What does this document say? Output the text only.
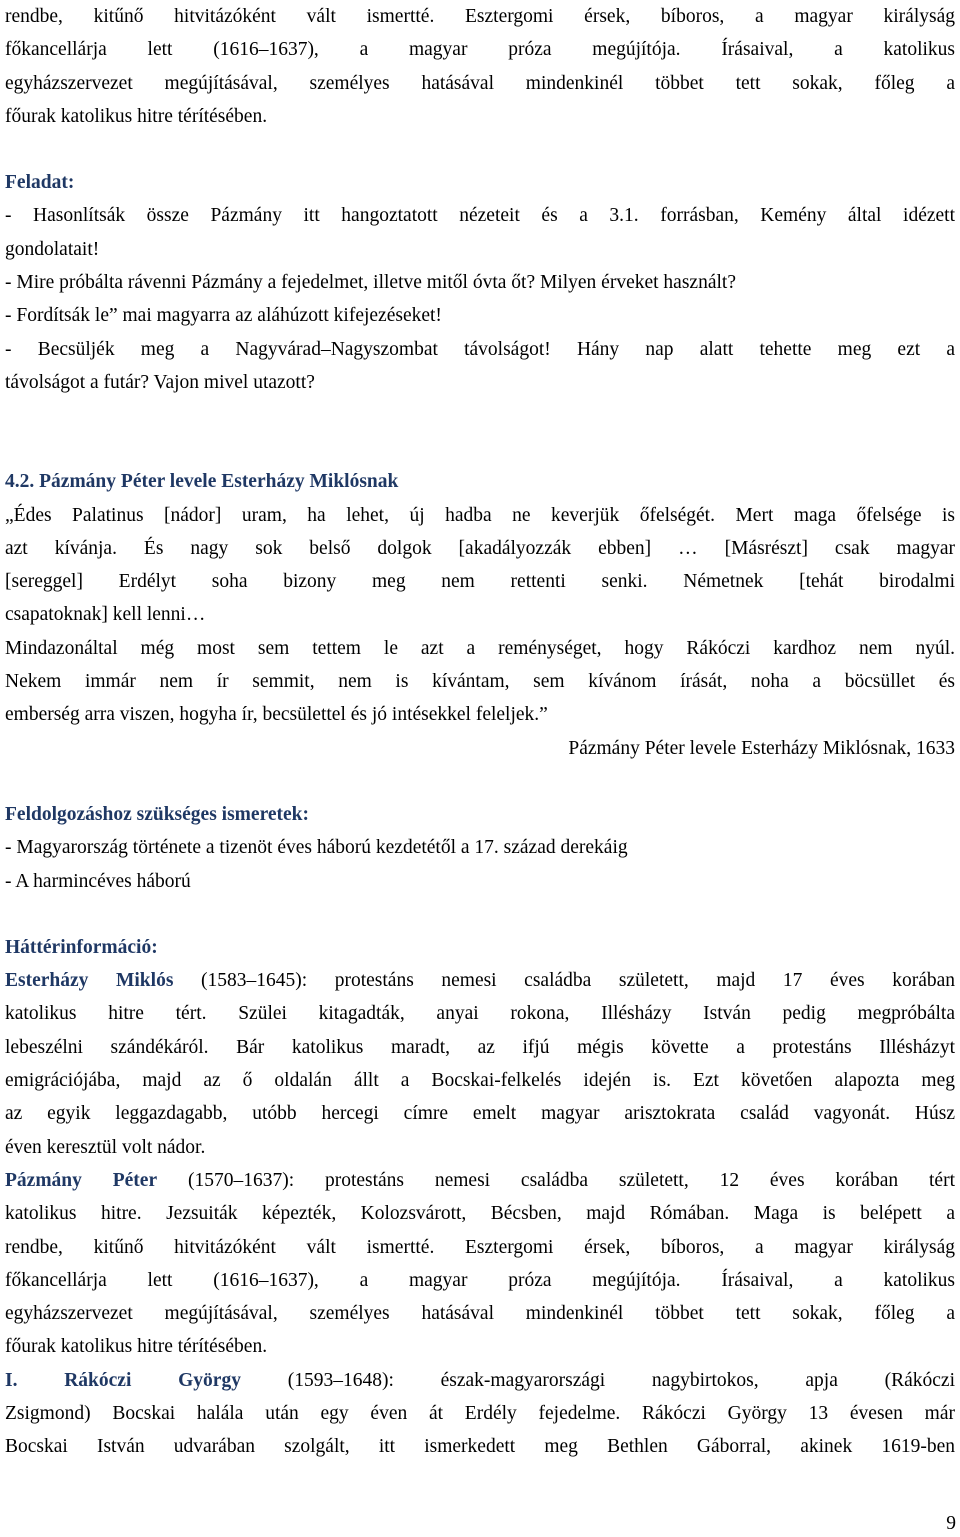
rendbe, kitűnő hitvitázóként vált ismertté. Esztergomi érsek, bíboros, a magyar királyság

főkancellárja lett (1616–1637), a magyar próza megújítója. Írásaival, a katolikus

egyházszervezet megújításával, személyes hatásával mindenkinél többet tett sokak, főleg a

főurak katolikus hitre térítésében.

Feladat:

- Hasonlítsák össze Pázmány itt hangoztatott nézeteit és a 3.1. forrásban, Kemény által idézett

gondolatait!

- Mire próbálta rávenni Pázmány a fejedelmet, illetve mitől óvta őt? Milyen érveket használt?

- Fordítsák le” mai magyarra az aláhúzott kifejezéseket!

- Becsüljék meg a Nagyvárad–Nagyszombat távolságot! Hány nap alatt tehette meg ezt a

távolságot a futár? Vajon mivel utazott?

4.2. Pázmány Péter levele Esterházy Miklósnak

„Édes Palatinus [nádor] uram, ha lehet, új hadba ne keverjük őfelségét. Mert maga őfelsége is

azt kívánja. És nagy sok belső dolgok [akadályozzák ebben] … [Másrészt] csak magyar

[sereggel] Erdélyt soha bizony meg nem rettenti senki. Németnek [tehát birodalmi

csapatoknak] kell lenni…

Mindazonáltal még most sem tettem le azt a reménységet, hogy Rákóczi kardhoz nem nyúl.

Nekem immár nem ír semmit, nem is kívántam, sem kívánom írását, noha a böcsüllet és

emberség arra viszen, hogyha ír, becsülettel és jó intésekkel feleljek.”

Pázmány Péter levele Esterházy Miklósnak, 1633

Feldolgozáshoz szükséges ismeretek:

- Magyarország története a tizenöt éves háború kezdetétől a 17. század derekáig

- A harmincéves háború

Háttérinformáció:

Esterházy Miklós (1583–1645): protestáns nemesi családba született, majd 17 éves korában

katolikus hitre tért. Szülei kitagadták, anyai rokona, Illésházy István pedig megpróbálta

lebeszélni szándékáról. Bár katolikus maradt, az ifjú mégis követte a protestáns Illésházyt

emigrációjába, majd az ő oldalán állt a Bocskai-felkelés idején is. Ezt követően alapozta meg

az egyik leggazdagabb, utóbb hercegi címre emelt magyar arisztokrata család vagyonát. Húsz

éven keresztül volt nádor.

Pázmány Péter (1570–1637): protestáns nemesi családba született, 12 éves korában tért

katolikus hitre. Jezsuiták képezték, Kolozsvárott, Bécsben, majd Rómában. Maga is belépett a

rendbe, kitűnő hitvitázóként vált ismertté. Esztergomi érsek, bíboros, a magyar királyság

főkancellárja lett (1616–1637), a magyar próza megújítója. Írásaival, a katolikus

egyházszervezet megújításával, személyes hatásával mindenkinél többet tett sokak, főleg a

főurak katolikus hitre térítésében.

I. Rákóczi György (1593–1648): észak-magyarországi nagybirtokos, apja (Rákóczi

Zsigmond) Bocskai halála után egy éven át Erdély fejedelme. Rákóczi György 13 évesen már

Bocskai István udvarában szolgált, itt ismerkedett meg Bethlen Gáborral, akinek 1619-ben

9
